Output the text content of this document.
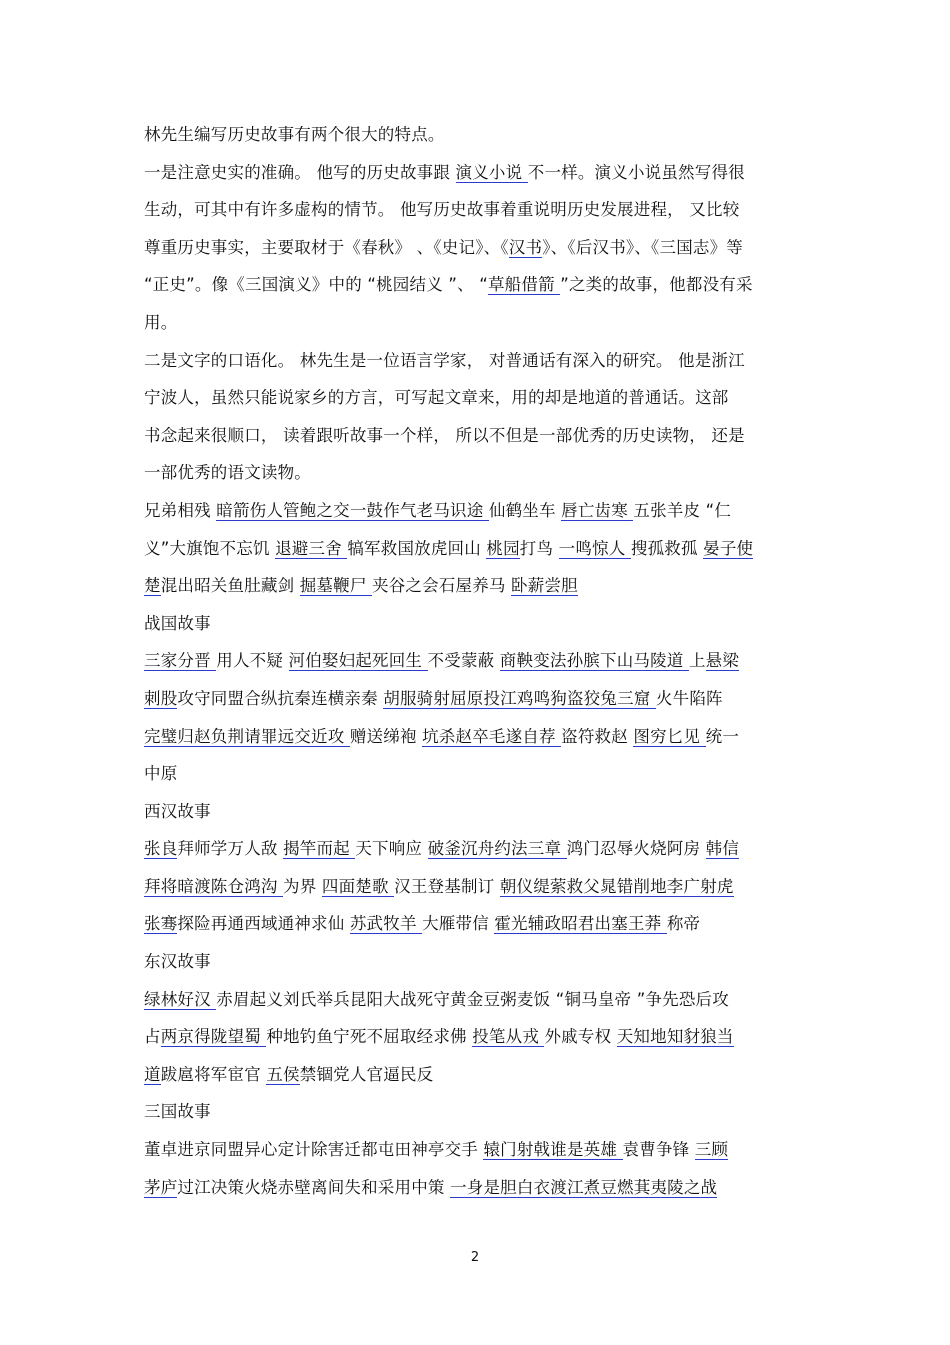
林先生编写历史故事有两个很大的特点。
一是注意史实的准确。 他写的历史故事跟 演义小说 不一样。演义小说虽然写得很
生动，可其中有许多虚构的情节。 他写历史故事着重说明历史发展进程， 又比较
尊重历史事实，主要取材于《春秋》 、《史记》、《汉书》、《后汉书》、《三国志》等
“正史”。像《三国演义》中的 “桃园结义 ”、 “草船借箭 ”之类的故事，他都没有采
用。
二是文字的口语化。 林先生是一位语言学家， 对普通话有深入的研究。 他是浙江
宁波人，虽然只能说家乡的方言，可写起文章来，用的却是地道的普通话。这部
书念起来很顺口， 读着跟听故事一个样， 所以不但是一部优秀的历史读物， 还是
一部优秀的语文读物。
兄弟相残 暗箭伤人管鲍之交一鼓作气老马识途 仙鹤坐车 唇亡齿寒 五张羊皮 “仁
义”大旗饱不忘饥 退避三舍 犒军救国放虎回山 桃园打鸟 一鸣惊人 搜孤救孤 晏子使
楚混出昭关鱼肚藏剑 掘墓鞭尸 夹谷之会石屋养马 卧薪尝胆
战国故事
三家分晋 用人不疑 河伯娶妇起死回生 不受蒙蔽 商鞅变法孙膑下山马陵道 上悬梁
刺股攻守同盟合纵抗秦连横亲秦 胡服骑射屈原投江鸡鸣狗盗狡兔三窟 火牛陷阵
完璧归赵负荆请罪远交近攻 赠送绨袍 坑杀赵卒毛遂自荐 盗符救赵 图穷匕见 统一
中原
西汉故事
张良拜师学万人敌 揭竿而起 天下响应 破釜沉舟约法三章 鸿门忍辱火烧阿房 韩信
拜将暗渡陈仓鸿沟 为界 四面楚歌 汉王登基制订 朝仪缇萦救父晁错削地李广射虎
张骞探险再通西域通神求仙 苏武牧羊 大雁带信 霍光辅政昭君出塞王莽 称帝
东汉故事
绿林好汉 赤眉起义刘氏举兵昆阳大战死守黄金豆粥麦饭 “铜马皇帝 ”争先恐后攻
占两京得陇望蜀 种地钓鱼宁死不屈取经求佛 投笔从戎 外戚专权 天知地知豺狼当
道跋扈将军宦官 五侯禁锢党人官逼民反
三国故事
董卓进京同盟异心定计除害迁都屯田神亭交手 辕门射戟谁是英雄 袁曹争锋 三顾
茅庐过江决策火烧赤壁离间失和采用中策 一身是胆白衣渡江煮豆燃萁夷陵之战
2
